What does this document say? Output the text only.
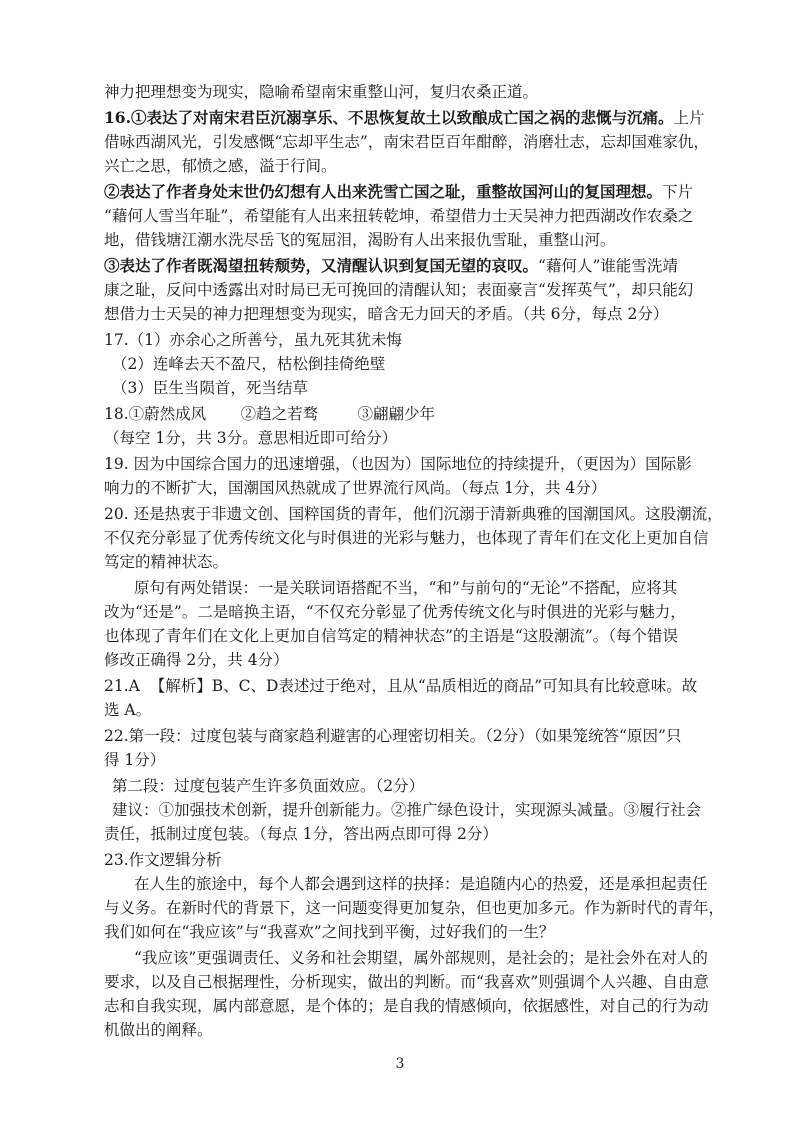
神力把理想变为现实，隐喻希望南宋重整山河，复归农桑正道。
16.①表达了对南宋君臣沉溺享乐、不思恢复故土以致酿成亡国之祸的悲慨与沉痛。上片
借咏西湖风光，引发感慨“忘却平生志”，南宋君臣百年酣醉，消磨壮志，忘却国难家仇，
兴亡之思，郁愤之感，溢于行间。
②表达了作者身处末世仍幻想有人出来洗雪亡国之耻，重整故国河山的复国理想。下片
“藉何人雪当年耻”，希望能有人出来扭转乾坤，希望借力士天吴神力把西湖改作农桑之
地，借钱塘江潮水洗尽岳飞的冤屈泪，渴盼有人出来报仇雪耻，重整山河。
③表达了作者既渴望扭转颓势，又清醒认识到复国无望的哀叹。“藉何人”谁能雪洗靖
康之耻，反问中透露出对时局已无可挽回的清醒认知；表面豪言“发挥英气”，却只能幻
想借力士天吴的神力把理想变为现实，暗含无力回天的矛盾。（共 6分，每点 2分）
17.（1）亦余心之所善兮，虽九死其犹未悔
（2）连峰去天不盈尺，枯松倒挂倚绝壁
（3）臣生当陨首，死当结草
18.①蔚然成风       ②趋之若骛        ③翩翩少年
（每空 1分，共 3分。意思相近即可给分）
19. 因为中国综合国力的迅速增强，（也因为）国际地位的持续提升，（更因为）国际影
响力的不断扩大，国潮国风热就成了世界流行风尚。（每点 1分，共 4分）
20. 还是热衷于非遗文创、国粹国货的青年，他们沉溺于清新典雅的国潮国风。这股潮流，
不仅充分彰显了优秀传统文化与时俱进的光彩与魅力，也体现了青年们在文化上更加自信
笃定的精神状态。
原句有两处错误：一是关联词语搭配不当，“和”与前句的“无论”不搭配，应将其
改为“还是”。二是暗换主语，“不仅充分彰显了优秀传统文化与时俱进的光彩与魅力，
也体现了青年们在文化上更加自信笃定的精神状态”的主语是“这股潮流”。（每个错误
修改正确得 2分，共 4分）
21.A  【解析】B、C、D表述过于绝对，且从“品质相近的商品”可知具有比较意味。故
选 A。
22.第一段：过度包装与商家趋利避害的心理密切相关。（2分）（如果笼统答“原因”只
得 1分）
第二段：过度包装产生许多负面效应。（2分）
建议：①加强技术创新，提升创新能力。②推广绿色设计，实现源头减量。③履行社会
责任，抵制过度包装。（每点 1分，答出两点即可得 2分）
23.作文逻辑分析
在人生的旅途中，每个人都会遇到这样的抉择：是追随内心的热爱，还是承担起责任
与义务。在新时代的背景下，这一问题变得更加复杂，但也更加多元。作为新时代的青年，
我们如何在“我应该”与“我喜欢”之间找到平衡，过好我们的一生？
“我应该”更强调责任、义务和社会期望，属外部规则，是社会的；是社会外在对人的
要求，以及自己根据理性，分析现实，做出的判断。而“我喜欢”则强调个人兴趣、自由意
志和自我实现，属内部意愿，是个体的；是自我的情感倾向，依据感性，对自己的行为动
机做出的阐释。
3
